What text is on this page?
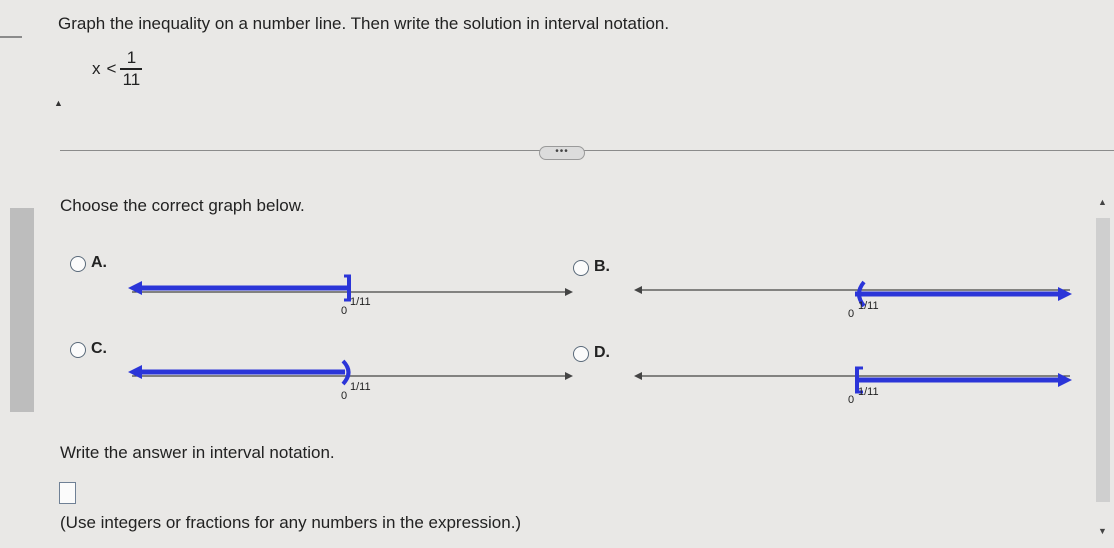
▲
Graph the inequality on a number line. Then write the solution in interval notation.
$x < \frac{1}{11}$
•••
Choose the correct graph below.
A.
0
1/11
B.
0
1/11
C.
0
1/11
D.
0
1/11
Write the answer in interval notation.
(Use integers or fractions for any numbers in the expression.)
▲
▼
